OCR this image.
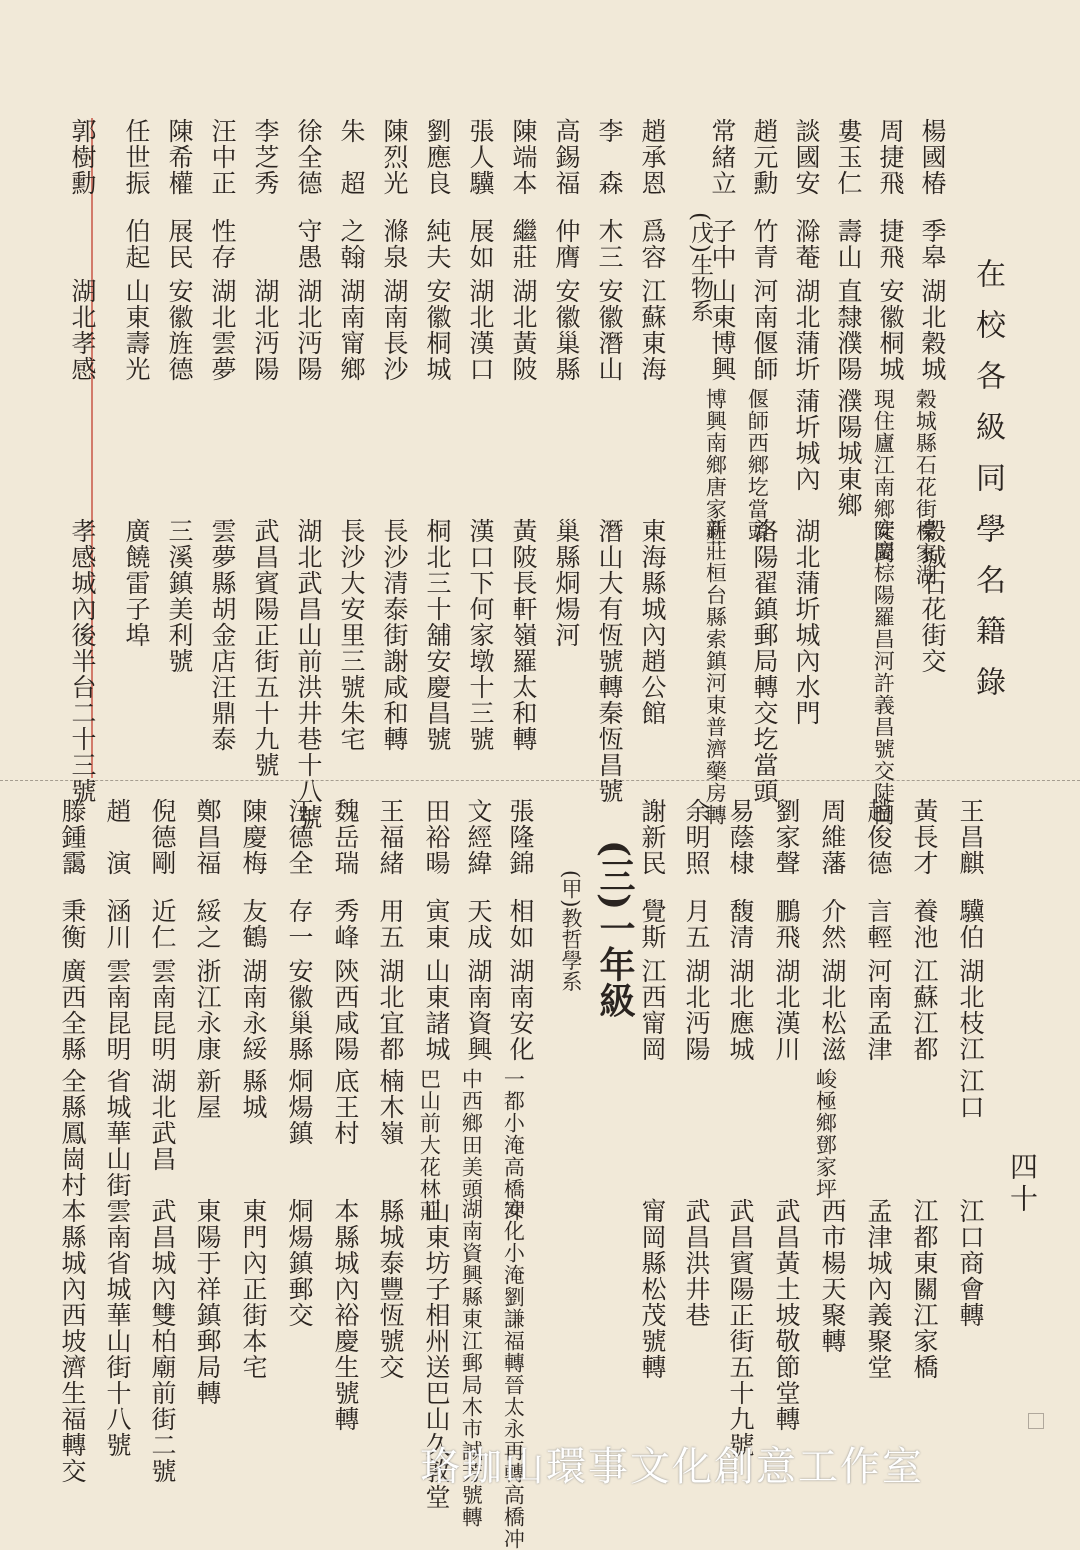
在校各級同學名籍錄
四十
(戊)生物系
(三)一年級
(甲)教哲學系
楊國椿
季皋
湖北穀城
穀城縣石花街楊家湖
穀城石花街交
周捷飛
捷飛
安徽桐城
現住廬江南鄉陡岡
安慶棕陽羅昌河許義昌號交陡岡
婁玉仁
壽山
直隸濮陽
濮陽城東鄉
談國安
滁菴
湖北蒲圻
蒲圻城內
湖北蒲圻城內水門
趙元勳
竹青
河南偃師
偃師西鄉圪當頭
洛陽翟鎮郵局轉交圪當頭
常緒立
子中
山東博興
博興南鄉唐家莊
新莊桓台縣索鎮河東普濟藥房轉
趙承恩
爲容
江蘇東海
東海縣城內趙公館
李　森
木三
安徽潛山
潛山大有恆號轉秦恆昌號
高錫福
仲膺
安徽巢縣
巢縣烔煬河
陳端本
繼莊
湖北黃陂
黃陂長軒嶺羅太和轉
張人驥
展如
湖北漢口
漢口下何家墩十三號
劉應良
純夫
安徽桐城
桐北三十舖安慶昌號
陳烈光
滌泉
湖南長沙
長沙清泰街謝咸和轉
朱　超
之翰
湖南甯鄉
長沙大安里三號朱宅
徐全德
守愚
湖北沔陽
湖北武昌山前洪井巷十八號
李芝秀
湖北沔陽
武昌賓陽正街五十九號
汪中正
性存
湖北雲夢
雲夢縣胡金店汪鼎泰
陳希權
展民
安徽旌德
三溪鎮美利號
任世振
伯起
山東壽光
廣饒雷子埠
郭樹勳
湖北孝感
孝感城內後半台二十三號
王昌麒
驥伯
湖北枝江
江口
江口商會轉
黃長才
養池
江蘇江都
江都東關江家橋
趙俊德
言輕
河南孟津
孟津城內義聚堂
周維藩
介然
湖北松滋
峻極鄉鄧家坪
西市楊天聚轉
劉家聲
鵬飛
湖北漢川
武昌黃土坡敬節堂轉
易蔭棣
馥清
湖北應城
武昌賓陽正街五十九號
余明照
月五
湖北沔陽
武昌洪井巷
謝新民
覺斯
江西甯岡
甯岡縣松茂號轉
張隆錦
相如
湖南安化
一都小淹高橋冲
安化小淹劉謙福轉晉太永再轉高橋冲
文經緯
天成
湖南資興
中西鄉田美頭
湖南資興縣東江郵局木市誠芳號轉
田裕暘
寅東
山東諸城
巴山前大花林莊
山東坊子相州送巴山久敦堂
王福緒
用五
湖北宜都
楠木嶺
縣城泰豐恆號交
魏岳瑞
秀峰
陝西咸陽
底王村
本縣城內裕慶生號轉
汪德全
存一
安徽巢縣
烔煬鎮
烔煬鎮郵交
陳慶梅
友鶴
湖南永綏
縣城
東門內正街本宅
鄭昌福
綏之
浙江永康
新屋
東陽于祥鎮郵局轉
倪德剛
近仁
雲南昆明
湖北武昌
武昌城內雙柏廟前街二號
趙　演
涵川
雲南昆明
省城華山街
雲南省城華山街十八號
滕鍾靄
秉衡
廣西全縣
全縣鳳崗村
本縣城內西坡濟生福轉交	珞珈山環事文化創意工作室
